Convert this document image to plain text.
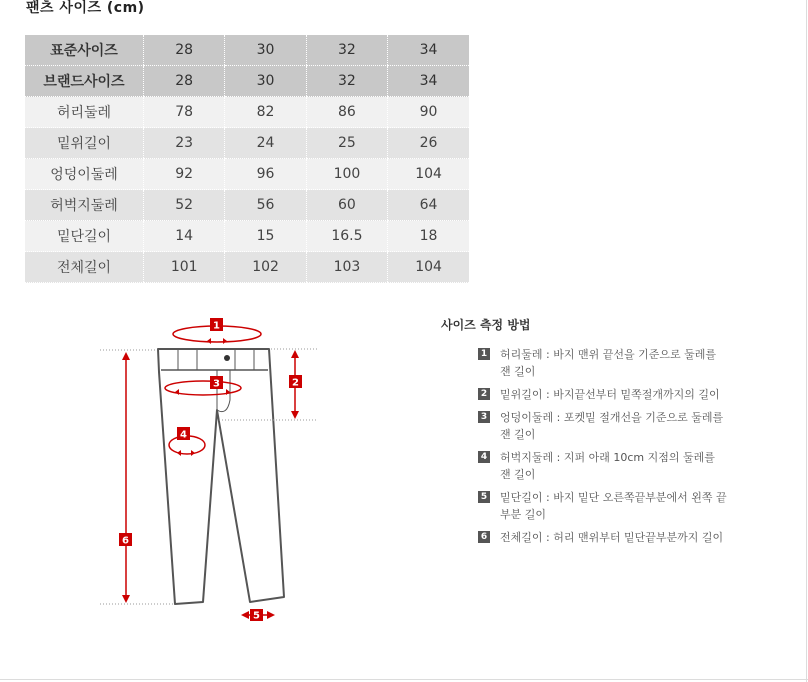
팬츠 사이즈 (cm)
표준사이즈	28	30	32	34
브랜드사이즈	28	30	32	34
허리둘레	78	82	86	90
밑위길이	23	24	25	26
엉덩이둘레	92	96	100	104
허벅지둘레	52	56	60	64
밑단길이	14	15	16.5	18
전체길이	101	102	103	104
1
2
3
4
5
6
사이즈 측정 방법
1 허리둘레 : 바지 맨위 끝선을 기준으로 둘레를 잰 길이
2 밑위길이 : 바지끝선부터 밑쪽절개까지의 길이
3 엉덩이둘레 : 포켓밑 절개선을 기준으로 둘레를 잰 길이
4 허벅지둘레 : 지퍼 아래 10cm 지점의 둘레를 잰 길이
5 밑단길이 : 바지 밑단 오른쪽끝부분에서 왼쪽 끝부분 길이
6 전체길이 : 허리 맨위부터 밑단끝부분까지 길이
